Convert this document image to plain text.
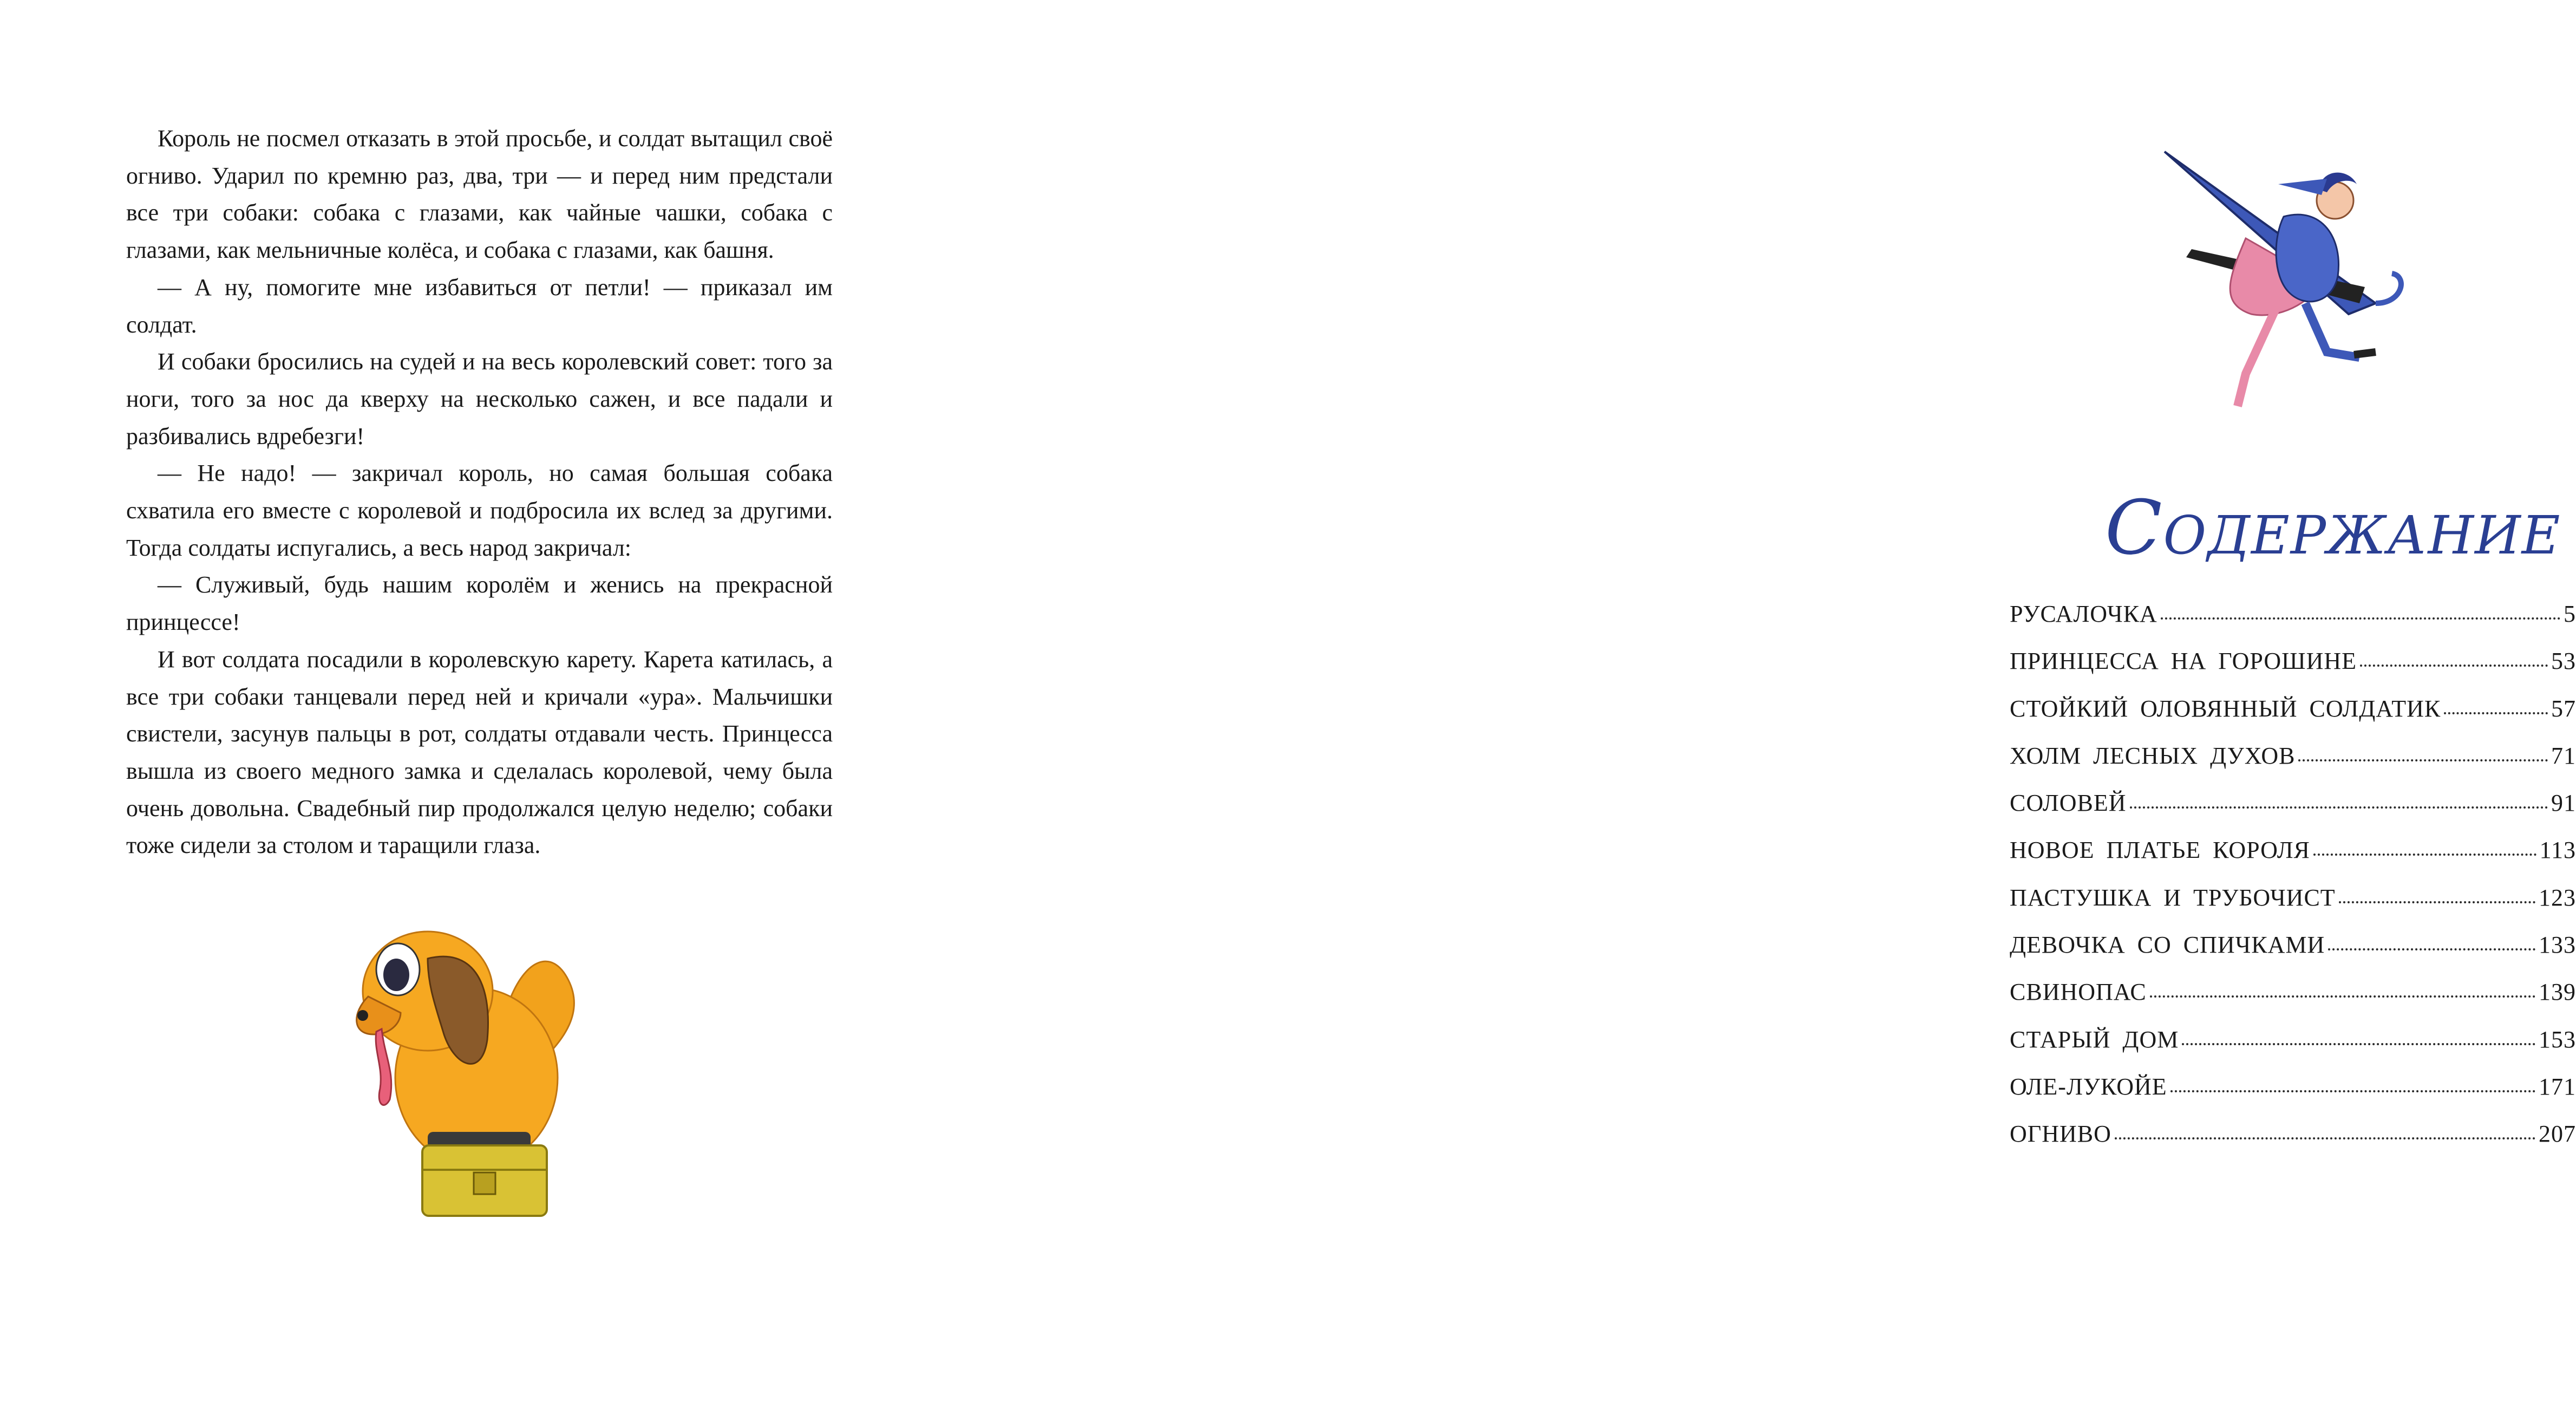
Король не посмел отказать в этой просьбе, и солдат вытащил своё огниво. Ударил по кремню раз, два, три — и перед ним предстали все три собаки: собака с глазами, как чайные чашки, собака с глазами, как мельничные колёса, и собака с глазами, как башня.

— А ну, помогите мне избавиться от петли! — приказал им солдат.

И собаки бросились на судей и на весь королевский совет: того за ноги, того за нос да кверху на несколько сажен, и все падали и разбивались вдребезги!

— Не надо! — закричал король, но самая большая собака схватила его вместе с королевой и подбросила их вслед за другими. Тогда солдаты испугались, а весь народ закричал:

— Служивый, будь нашим королём и женись на прекрасной принцессе!

И вот солдата посадили в королевскую карету. Карета катилась, а все три собаки танцевали перед ней и кричали «ура». Мальчишки свистели, засунув пальцы в рот, солдаты отдавали честь. Принцесса вышла из своего медного замка и сделалась королевой, чему была очень довольна. Свадебный пир продолжался целую неделю; собаки тоже сидели за столом и таращили глаза.

Содержание
РУСАЛОЧКА	5
ПРИНЦЕССА НА ГОРОШИНЕ	53
СТОЙКИЙ ОЛОВЯННЫЙ СОЛДАТИК	57
ХОЛМ ЛЕСНЫХ ДУХОВ	71
СОЛОВЕЙ	91
НОВОЕ ПЛАТЬЕ КОРОЛЯ	113
ПАСТУШКА И ТРУБОЧИСТ	123
ДЕВОЧКА СО СПИЧКАМИ	133
СВИНОПАС	139
СТАРЫЙ ДОМ	153
ОЛЕ-ЛУКОЙЕ	171
ОГНИВО	207
